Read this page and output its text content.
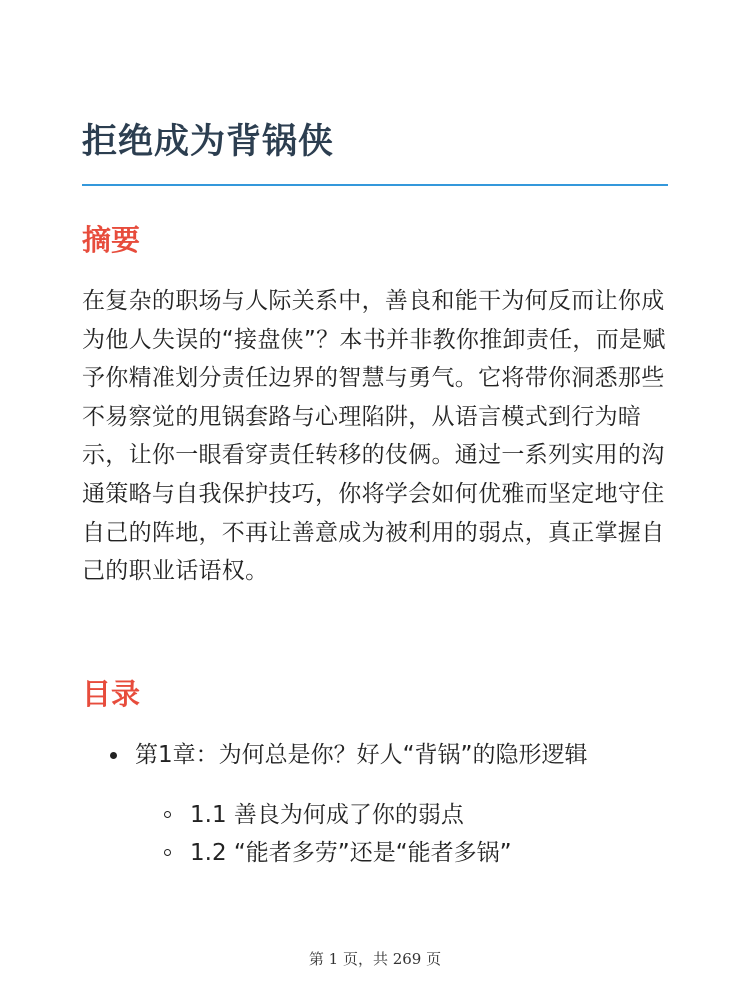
拒绝成为背锅侠
摘要

在复杂的职场与人际关系中，善良和能干为何反而让你成为他人失误的“接盘侠”？本书并非教你推卸责任，而是赋予你精准划分责任边界的智慧与勇气。它将带你洞悉那些不易察觉的甩锅套路与心理陷阱，从语言模式到行为暗示，让你一眼看穿责任转移的伎俩。通过一系列实用的沟通策略与自我保护技巧，你将学会如何优雅而坚定地守住自己的阵地，不再让善意成为被利用的弱点，真正掌握自己的职业话语权。

目录
第1章：为何总是你？好人“背锅”的隐形逻辑
1.1 善良为何成了你的弱点
1.2 “能者多劳”还是“能者多锅”
第 1 页，共 269 页
